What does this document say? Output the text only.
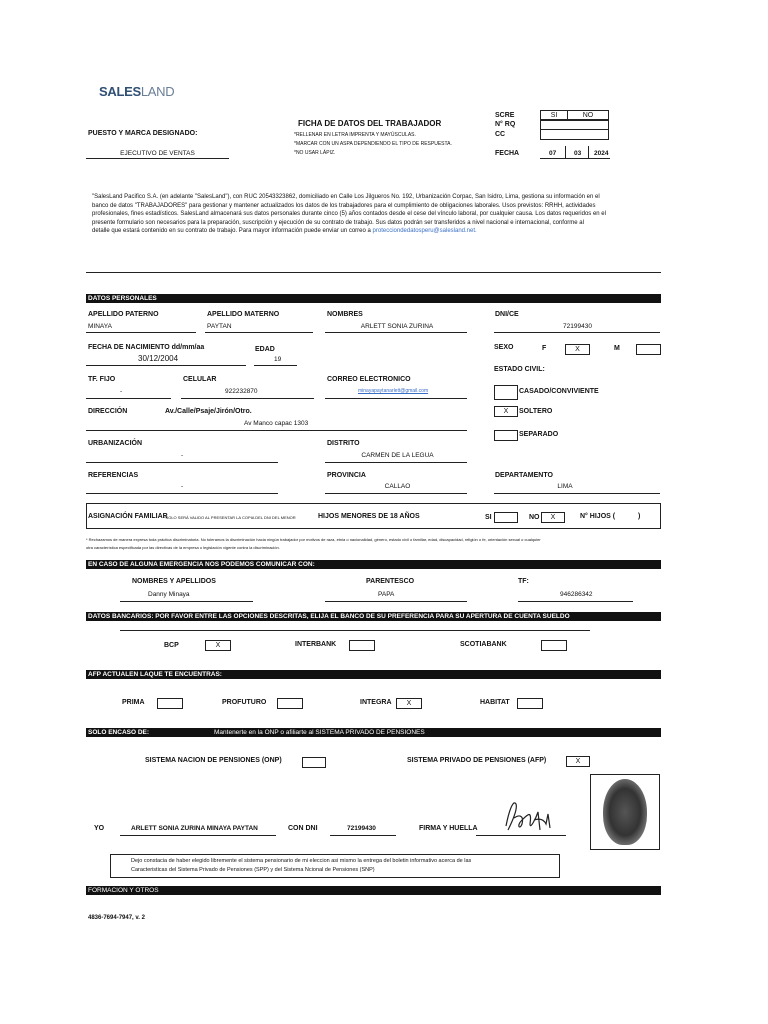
SALESLAND
PUESTO Y MARCA DESIGNADO:
EJECUTIVO DE VENTAS
FICHA DE DATOS DEL TRABAJADOR
*RELLENAR EN LETRA IMPRENTA Y MAYÚSCULAS.
*MARCAR CON UN ASPA DEPENDIENDO EL TIPO DE RESPUESTA.
*NO USAR LÁPIZ.
SCRE	SI	NO
N° RQ
CC
FECHA	07	03 2024
"SalesLand Pacifico S.A. (en adelante "SalesLand"), con RUC 20543323862, domiciliado en Calle Los Jilgueros No. 192, Urbanización Corpac, San Isidro, Lima, gestiona su información en el
banco de datos "TRABAJADORES" para gestionar y mantener actualizados los datos de los trabajadores para el cumplimiento de obligaciones laborales. Usos previstos: RRHH, actividades
profesionales, fines estadísticos. SalesLand almacenará sus datos personales durante cinco (5) años contados desde el cese del vínculo laboral, por cualquier causa. Los datos requeridos en el
presente formulario son necesarios para la preparación, suscripción y ejecución de su contrato de trabajo. Sus datos podrán ser transferidos a nivel nacional e internacional, conforme al
detalle que estará contenido en su contrato de trabajo. Para mayor información puede enviar un correo a protecciondedatosperu@salesland.net.
DATOS PERSONALES
APELLIDO PATERNO
MINAYA
APELLIDO MATERNO
PAYTAN
NOMBRES
ARLETT SONIA ZURINA
DNI/CE
72199430
FECHA DE NACIMIENTO dd/mm/aa
30/12/2004
EDAD
19
SEXO	F	X	M
ESTADO CIVIL:
CASADO/CONVIVIENTE
X	SOLTERO
SEPARADO
TF. FIJO
-
CELULAR
922232870
CORREO ELECTRONICO
minayapaytanarlett@gmail.com
DIRECCIÓN	Av./Calle/Psaje/Jirón/Otro.
Av Manco capac 1303
URBANIZACIÓN
-
DISTRITO
CARMEN DE LA LEGUA
REFERENCIAS
-
PROVINCIA
CALLAO
DEPARTAMENTO
LIMA
ASIGNACIÓN FAMILIAR
*SOLO SERÁ VALIDO AL PRESENTAR LA COPIA DEL DNI DEL MENOR	HIJOS MENORES DE 18 AÑOS	SI	NO	X	N° HIJOS (	)
* Rechazamos de manera expresa toda práctica discriminatoria. No toleramos la discriminación hacia ningún trabajador por motivos de raza, etnia o nacionalidad, género, estado civil o familiar, edad, discapacidad, religión o fe, orientación sexual o cualquier
otra característica especificada por las directivas de la empresa o legislación vigente contra la discriminación.
EN CASO DE ALGUNA EMERGENCIA NOS PODEMOS COMUNICAR CON:
NOMBRES Y APELLIDOS
Danny Minaya
PARENTESCO
PAPA
TF:
946286342
DATOS BANCARIOS: POR FAVOR ENTRE LAS OPCIONES DESCRITAS, ELIJA EL BANCO DE SU PREFERENCIA PARA SU APERTURA DE CUENTA SUELDO
BCP	X	INTERBANK	SCOTIABANK
AFP ACTUALEN LAQUE TE ENCUENTRAS:
PRIMA	PROFUTURO	INTEGRA	X	HABITAT
SOLO ENCASO DE:	Mantenerte en la ONP o afiliarte al SISTEMA PRIVADO DE PENSIONES
SISTEMA NACION DE PENSIONES (ONP)	SISTEMA PRIVADO DE PENSIONES (AFP)	X
YO	ARLETT SONIA ZURINA MINAYA PAYTAN	CON DNI	72199430	FIRMA Y HUELLA
Dejo constacia de haber elegido libremente el sistema pensionario de mi eleccion asi mismo la entrega del boletin informativo acerca de las
Caracteristicas del Sistema Privado de Pensiones (SPP) y del Sistema Ncional de Pensiones (SNP)
FORMACION Y OTROS
4836-7694-7947, v. 2
